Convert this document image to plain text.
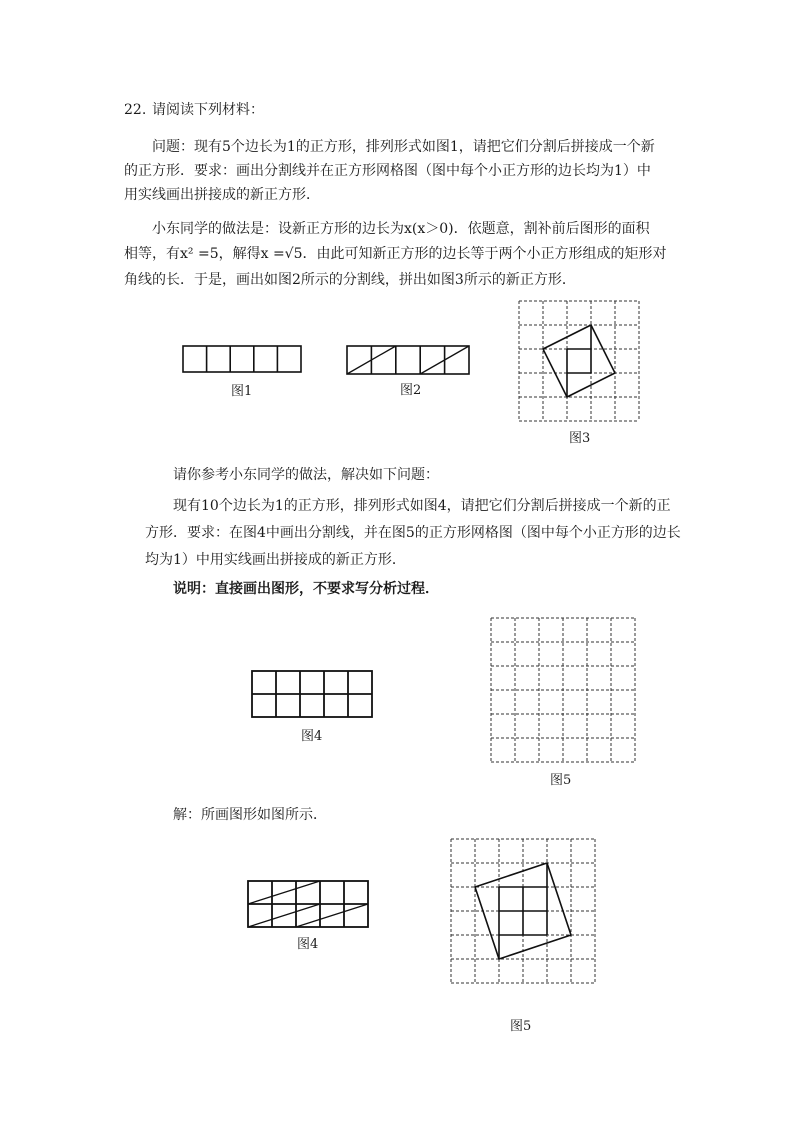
22. 请阅读下列材料：
问题：现有5个边长为1的正方形，排列形式如图1，请把它们分割后拼接成一个新
的正方形．要求：画出分割线并在正方形网格图（图中每个小正方形的边长均为1）中
用实线画出拼接成的新正方形．
小东同学的做法是：设新正方形的边长为x(x＞0)．依题意，割补前后图形的面积
相等，有x² =5，解得x =√5．由此可知新正方形的边长等于两个小正方形组成的矩形对
角线的长．于是，画出如图2所示的分割线，拼出如图3所示的新正方形．
图1	图2
图3
请你参考小东同学的做法，解决如下问题：
现有10个边长为1的正方形，排列形式如图4，请把它们分割后拼接成一个新的正
方形．要求：在图4中画出分割线，并在图5的正方形网格图（图中每个小正方形的边长
均为1）中用实线画出拼接成的新正方形．
说明：直接画出图形，不要求写分析过程．
图4
图5
解：所画图形如图所示．
图4
图5
